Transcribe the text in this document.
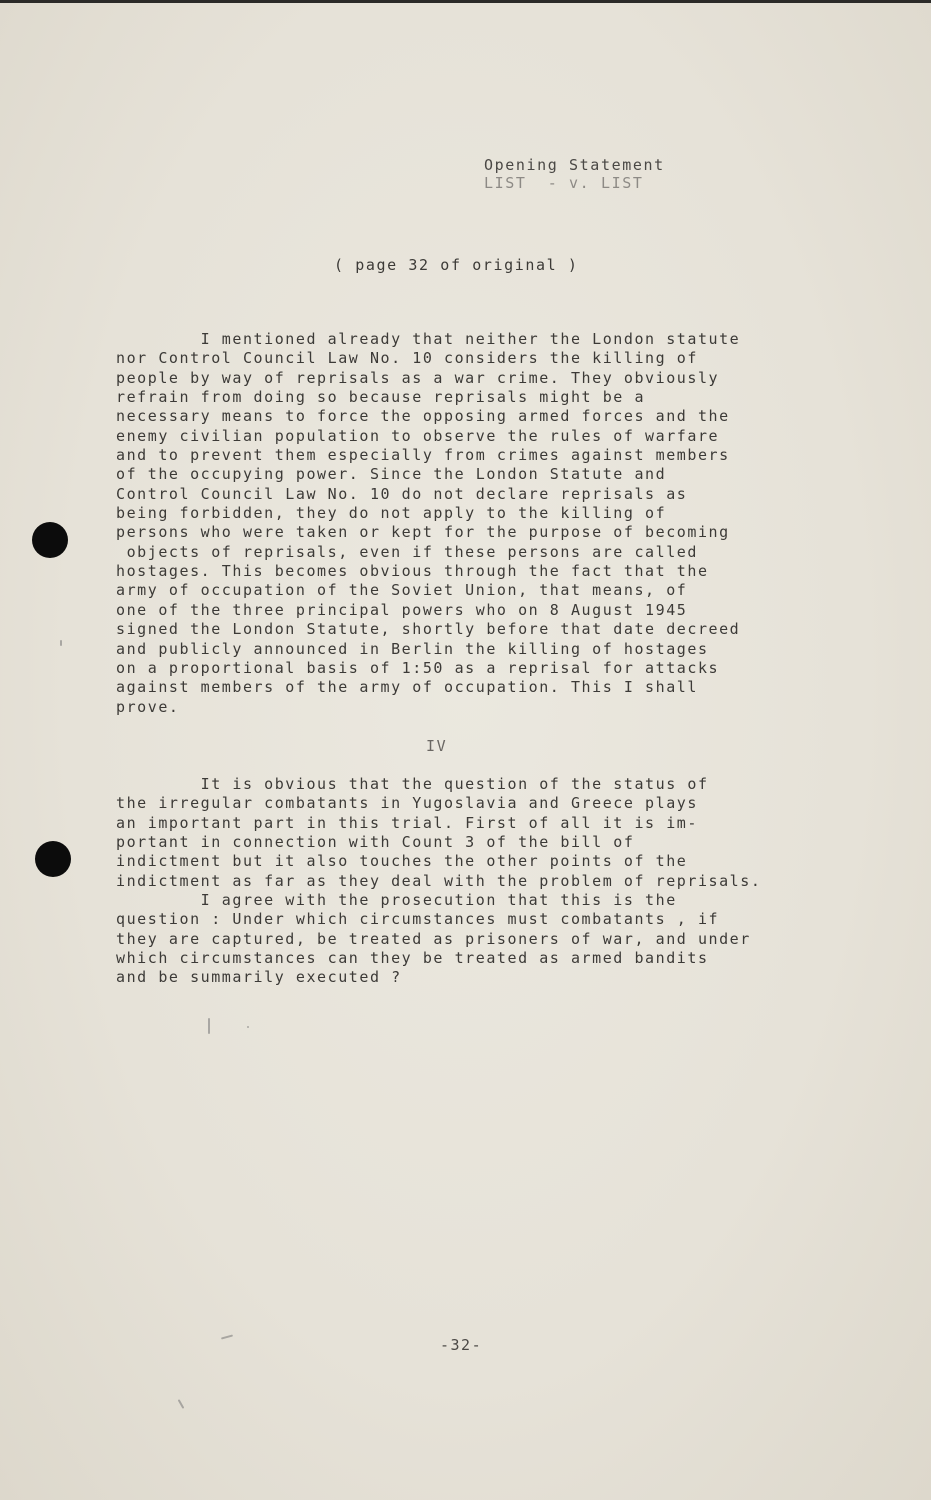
Opening Statement
LIST  - v. LIST
( page 32 of original )
I mentioned already that neither the London statute
nor Control Council Law No. 10 considers the killing of
people by way of reprisals as a war crime. They obviously
refrain from doing so because reprisals might be a
necessary means to force the opposing armed forces and the
enemy civilian population to observe the rules of warfare
and to prevent them especially from crimes against members
of the occupying power. Since the London Statute and
Control Council Law No. 10 do not declare reprisals as
being forbidden, they do not apply to the killing of
persons who were taken or kept for the purpose of becoming
objects of reprisals, even if these persons are called
hostages. This becomes obvious through the fact that the
army of occupation of the Soviet Union, that means, of
one of the three principal powers who on 8 August 1945
signed the London Statute, shortly before that date decreed
and publicly announced in Berlin the killing of hostages
on a proportional basis of 1:50 as a reprisal for attacks
against members of the army of occupation. This I shall
prove.
IV
It is obvious that the question of the status of
the irregular combatants in Yugoslavia and Greece plays
an important part in this trial. First of all it is im-
portant in connection with Count 3 of the bill of
indictment but it also touches the other points of the
indictment as far as they deal with the problem of reprisals.
I agree with the prosecution that this is the
question : Under which circumstances must combatants , if
they are captured, be treated as prisoners of war, and under
which circumstances can they be treated as armed bandits
and be summarily executed ?
-32-
